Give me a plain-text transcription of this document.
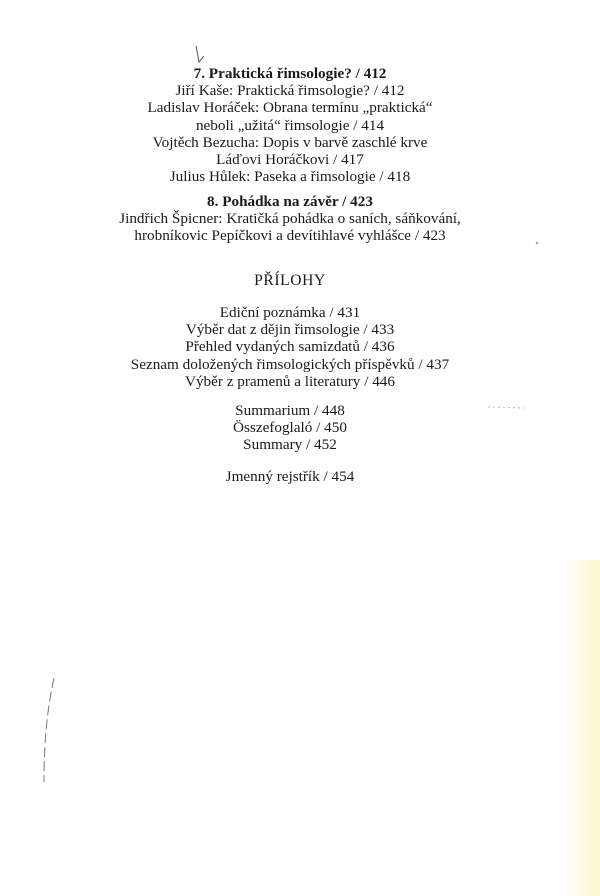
7. Praktická řimsologie? / 412
Jiří Kaše: Praktická řimsologie? / 412
Ladislav Horáček: Obrana termínu „praktická“
neboli „užitá“ řimsologie / 414
Vojtěch Bezucha: Dopis v barvě zaschlé krve
Láďovi Horáčkovi / 417
Julius Hůlek: Paseka a řimsologie / 418
8. Pohádka na závěr / 423
Jindřich Špicner: Kratičká pohádka o saních, sáňkování,
hrobníkovic Pepíčkovi a devítihlavé vyhlášce / 423
PŘÍLOHY
Ediční poznámka / 431
Výběr dat z dějin řimsologie / 433
Přehled vydaných samizdatů / 436
Seznam doložených řimsologických příspěvků / 437
Výběr z pramenů a literatury / 446
Summarium / 448
Összefoglaló / 450
Summary / 452
Jmenný rejstřík / 454
